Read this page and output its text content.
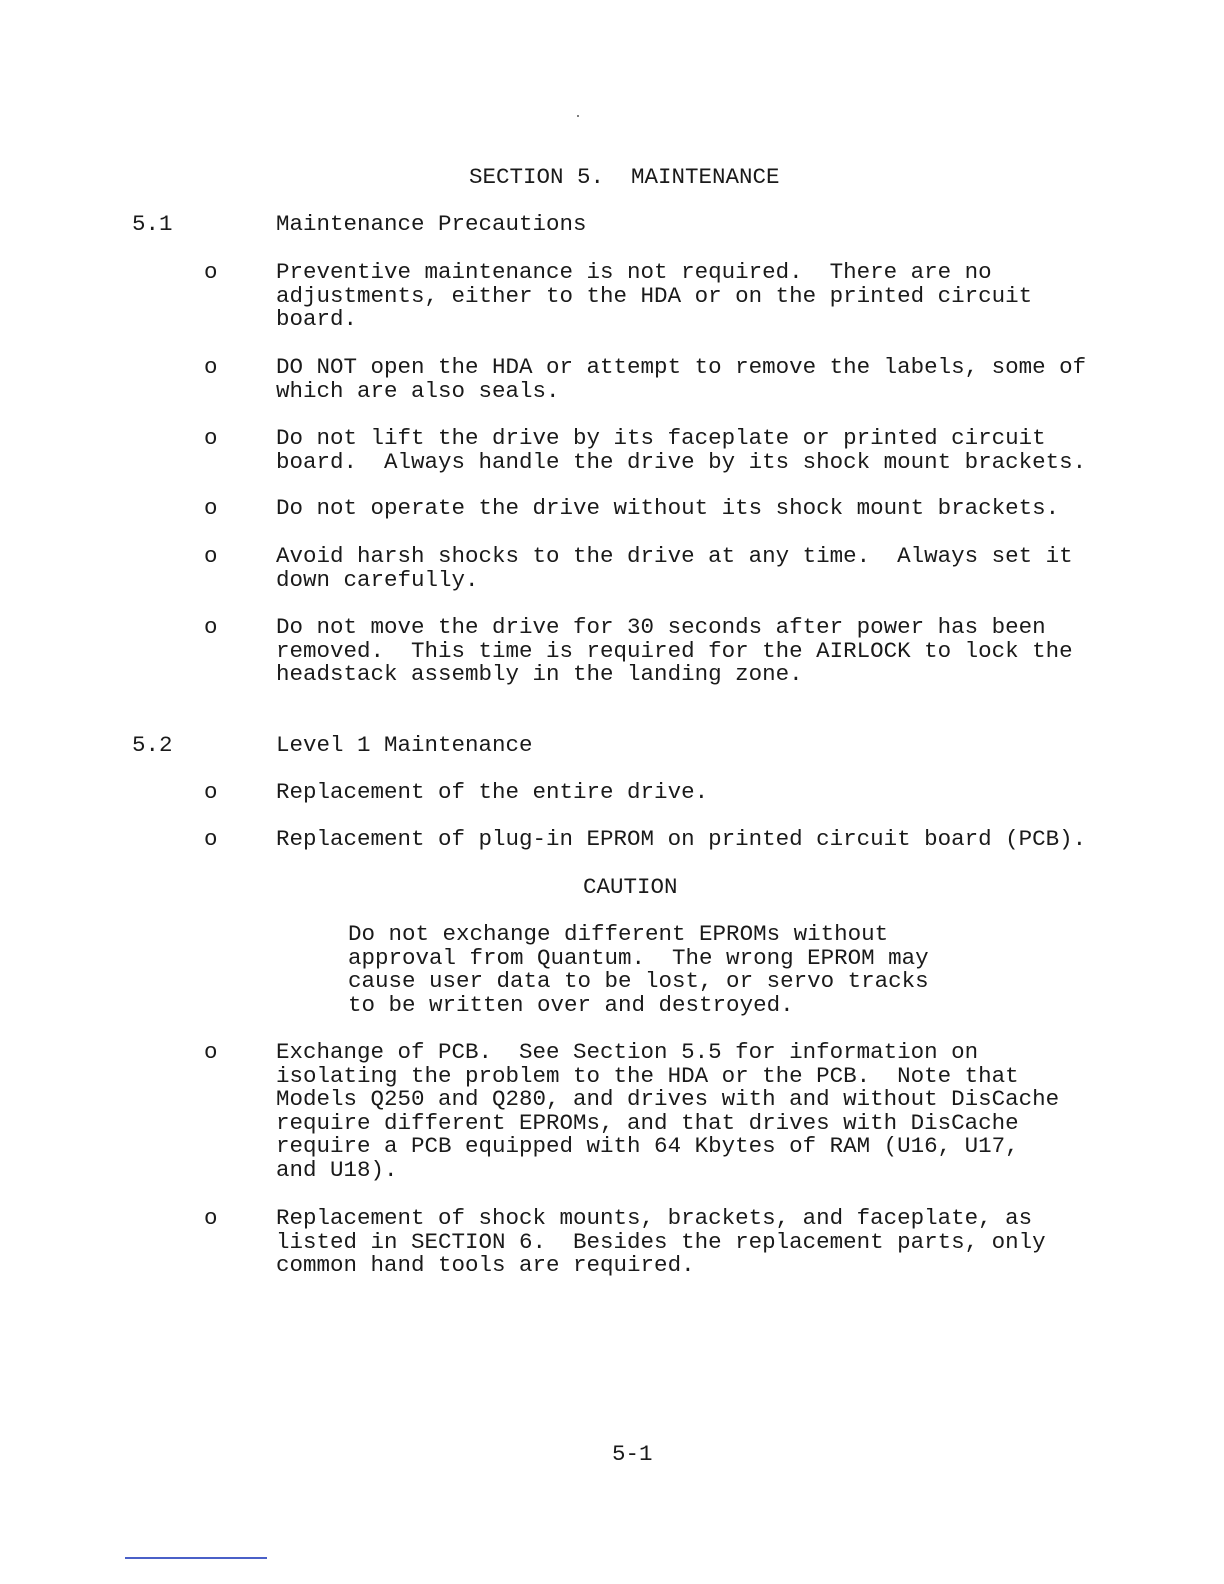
SECTION 5.  MAINTENANCE

5.1	Maintenance Precautions

o	Preventive maintenance is not required.  There are no
adjustments, either to the HDA or on the printed circuit
board.

o	DO NOT open the HDA or attempt to remove the labels, some of
which are also seals.

o	Do not lift the drive by its faceplate or printed circuit
board.  Always handle the drive by its shock mount brackets.

o	Do not operate the drive without its shock mount brackets.

o	Avoid harsh shocks to the drive at any time.  Always set it
down carefully.

o	Do not move the drive for 30 seconds after power has been
removed.  This time is required for the AIRLOCK to lock the
headstack assembly in the landing zone.

5.2	Level 1 Maintenance

o	Replacement of the entire drive.

o	Replacement of plug-in EPROM on printed circuit board (PCB).

CAUTION

Do not exchange different EPROMs without
approval from Quantum.  The wrong EPROM may
cause user data to be lost, or servo tracks
to be written over and destroyed.

o	Exchange of PCB.  See Section 5.5 for information on
isolating the problem to the HDA or the PCB.  Note that
Models Q250 and Q280, and drives with and without DisCache
require different EPROMs, and that drives with DisCache
require a PCB equipped with 64 Kbytes of RAM (U16, U17,
and U18).

o	Replacement of shock mounts, brackets, and faceplate, as
listed in SECTION 6.  Besides the replacement parts, only
common hand tools are required.

5-1
